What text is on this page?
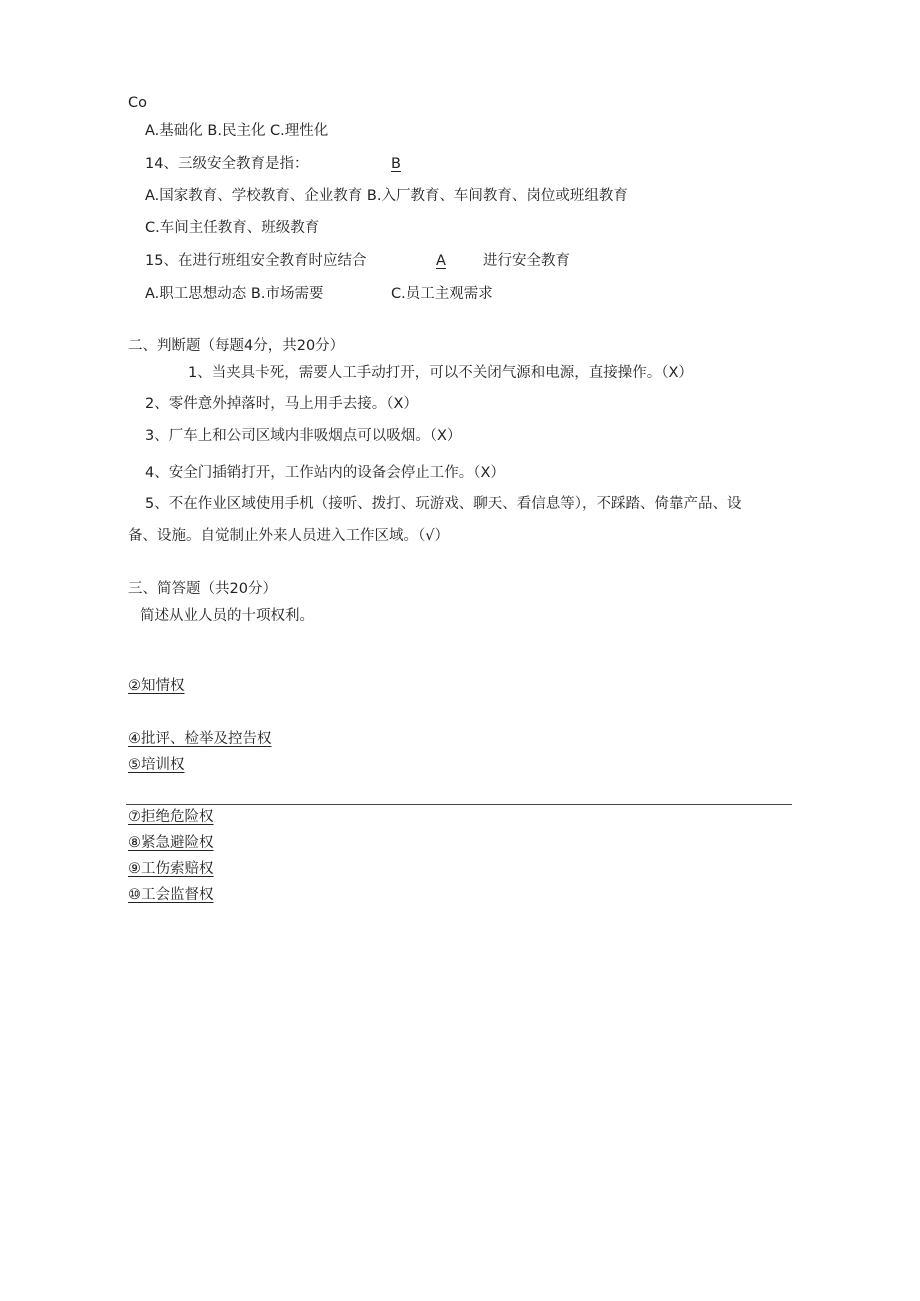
Co
A.基础化 B.民主化 C.理性化
14、三级安全教育是指：	B
A.国家教育、学校教育、企业教育 B.入厂教育、车间教育、岗位或班组教育
C.车间主任教育、班级教育
15、在进行班组安全教育时应结合	A	进行安全教育
A.职工思想动态 B.市场需要	C.员工主观需求
二、判断题（每题4分，共20分）
1、当夹具卡死，需要人工手动打开，可以不关闭气源和电源，直接操作。（X）
2、零件意外掉落时，马上用手去接。（X）
3、厂车上和公司区域内非吸烟点可以吸烟。（X）
4、安全门插销打开，工作站内的设备会停止工作。（X）
5、不在作业区域使用手机（接听、拨打、玩游戏、聊天、看信息等），不踩踏、倚靠产品、设
备、设施。自觉制止外来人员进入工作区域。（√）
三、简答题（共20分）
简述从业人员的十项权利。
②知情权
④批评、检举及控告权
⑤培训权
⑦拒绝危险权
⑧紧急避险权
⑨工伤索赔权
⑩工会监督权
